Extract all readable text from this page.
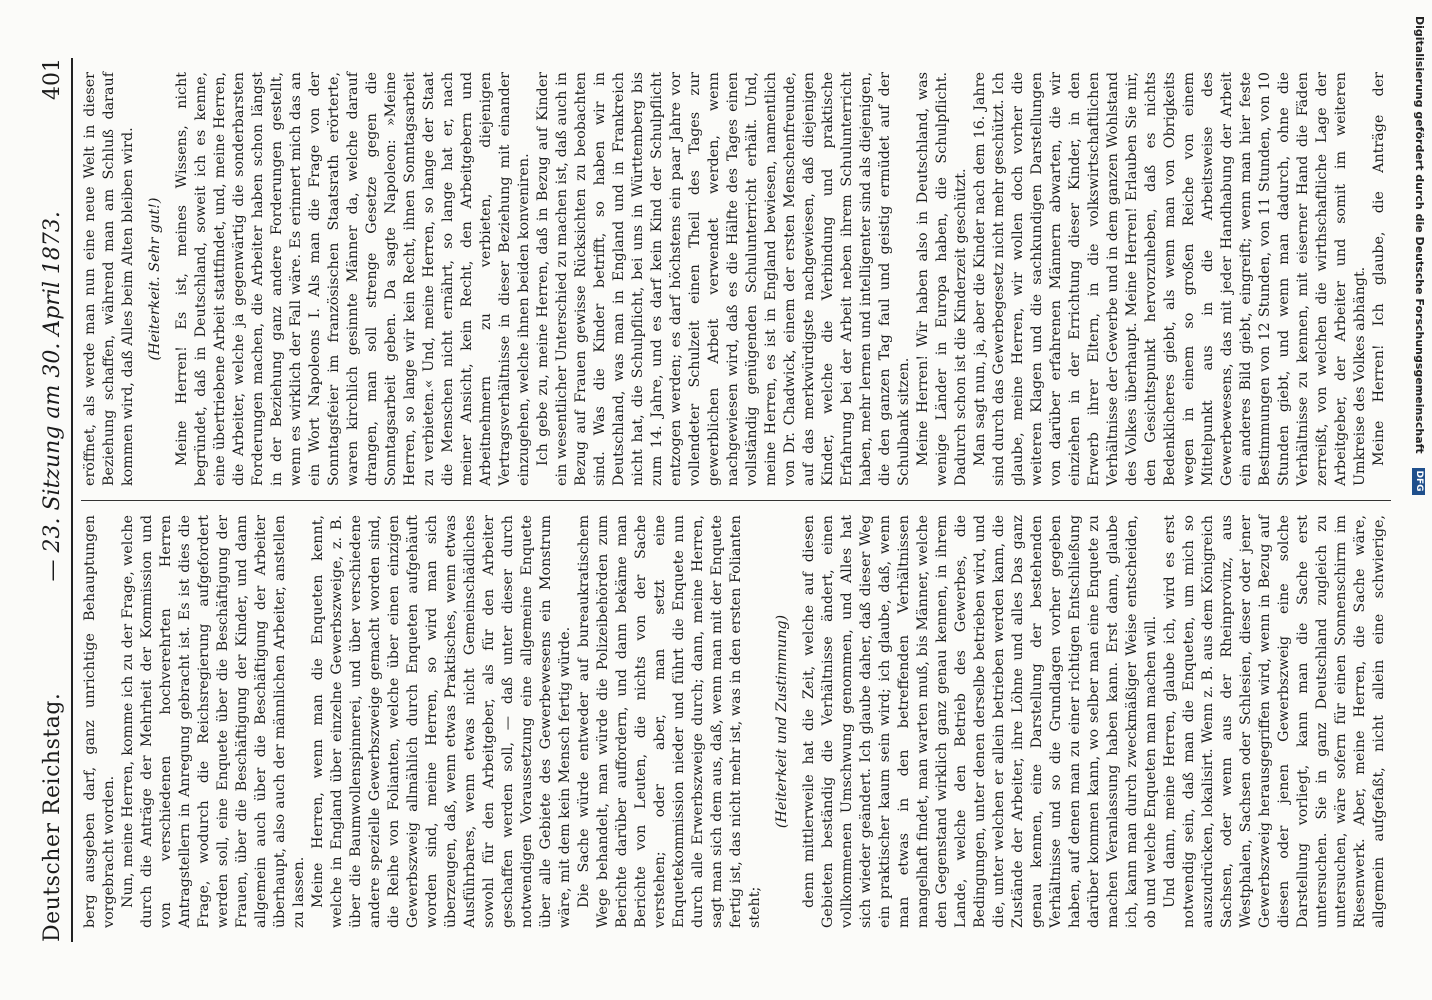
Deutscher Reichstag.
— 23. Sitzung am 30. April 1873.
401

berg ausgeben darf, ganz unrichtige Behauptungen vorgebracht worden. Nun, meine Herren, komme ich zu der Frage, welche durch die Anträge der Mehrheit der Kommission und von verschiedenen hochverehrten Herren Antragstellern in Anregung gebracht ist. Es ist dies die Frage, wodurch die Reichsregierung aufgefordert werden soll, eine Enquete über die Beschäftigung der Frauen, über die Beschäftigung der Kinder, und dann allgemein auch über die Beschäftigung der Arbeiter überhaupt, also auch der männlichen Arbeiter, anstellen zu lassen. Meine Herren, wenn man die Enqueten kennt, welche in England über einzelne Gewerbszweige, z. B. über die Baumwollenspinnerei, und über verschiedene andere spezielle Gewerbszweige gemacht worden sind, die Reihe von Folianten, welche über einen einzigen Gewerbszweig allmählich durch Enqueten aufgehäuft worden sind, meine Herren, so wird man sich überzeugen, daß, wenn etwas Praktisches, wenn etwas Ausführbares, wenn etwas nicht Gemeinschädliches sowohl für den Arbeitgeber, als für den Arbeiter geschaffen werden soll, — daß unter dieser durch notwendigen Voraussetzung eine allgemeine Enquete über alle Gebiete des Gewerbewesens ein Monstrum wäre, mit dem kein Mensch fertig würde. Die Sache würde entweder auf bureaukratischem Wege behandelt, man würde die Polizeibehörden zum Berichte darüber auffordern, und dann bekäme man Berichte von Leuten, die nichts von der Sache verstehen; oder aber, man setzt eine Enquetekommission nieder und führt die Enquete nun durch alle Erwerbszweige durch; dann, meine Herren, sagt man sich dem aus, daß, wenn man mit der Enquete fertig ist, das nicht mehr ist, was in den ersten Folianten steht;

(Heiterkeit und Zustimmung) denn mittlerweile hat die Zeit, welche auf diesen Gebieten beständig die Verhältnisse ändert, einen vollkommenen Umschwung genommen, und Alles hat sich wieder geändert. Ich glaube daher, daß dieser Weg ein praktischer kaum sein wird; ich glaube, daß, wenn man etwas in den betreffenden Verhältnissen mangelhaft findet, man warten muß, bis Männer, welche den Gegenstand wirklich ganz genau kennen, in ihrem Lande, welche den Betrieb des Gewerbes, die Bedingungen, unter denen derselbe betrieben wird, und die, unter welchen er allein betrieben werden kann, die Zustände der Arbeiter, ihre Löhne und alles Das ganz genau kennen, eine Darstellung der bestehenden Verhältnisse und so die Grundlagen vorher gegeben haben, auf denen man zu einer richtigen Entschließung darüber kommen kann, wo selber man eine Enquete zu machen Veranlassung haben kann. Erst dann, glaube ich, kann man durch zweckmäßiger Weise entscheiden, ob und welche Enqueten man machen will. Und dann, meine Herren, glaube ich, wird es erst notwendig sein, daß man die Enqueten, um mich so auszudrücken, lokalisirt. Wenn z. B. aus dem Königreich Sachsen, oder wenn aus der Rheinprovinz, aus Westphalen, Sachsen oder Schlesien, dieser oder jener Gewerbszweig herausgegriffen wird, wenn in Bezug auf diesen oder jenen Gewerbszweig eine solche Darstellung vorliegt, kann man die Sache erst untersuchen. Sie in ganz Deutschland zugleich zu untersuchen, wäre sofern für einen Sonnenschirm im Riesenwerk. Aber, meine Herren, die Sache wäre, allgemein aufgefaßt, nicht allein eine schwierige,

eröffnet, als werde man nun eine neue Welt in dieser Beziehung schaffen, während man am Schluß darauf kommen wird, daß Alles beim Alten bleiben wird. (Heiterkeit. Sehr gut!) Meine Herren! Es ist, meines Wissens, nicht begründet, daß in Deutschland, soweit ich es kenne, eine übertriebene Arbeit stattfindet, und, meine Herren, die Arbeiter, welche ja gegenwärtig die sonderbarsten Forderungen machen, die Arbeiter haben schon längst in der Beziehung ganz andere Forderungen gestellt, wenn es wirklich der Fall wäre. Es erinnert mich das an ein Wort Napoleons I. Als man die Frage von der Sonntagsfeier im französischen Staatsrath erörterte, waren kirchlich gesinnte Männer da, welche darauf drangen, man soll strenge Gesetze gegen die Sonntagsarbeit geben. Da sagte Napoleon: »Meine Herren, so lange wir kein Recht, ihnen Sonntagsarbeit zu verbieten.« Und, meine Herren, so lange der Staat die Menschen nicht ernährt, so lange hat er, nach meiner Ansicht, kein Recht, den Arbeitgebern und Arbeitnehmern zu verbieten, diejenigen Vertragsverhältnisse in dieser Beziehung mit einander einzugehen, welche ihnen beiden konveniren. Ich gebe zu, meine Herren, daß in Bezug auf Kinder ein wesentlicher Unterschied zu machen ist, daß auch in Bezug auf Frauen gewisse Rücksichten zu beobachten sind. Was die Kinder betrifft, so haben wir in Deutschland, was man in England und in Frankreich nicht hat, die Schulpflicht, bei uns in Württemberg bis zum 14. Jahre, und es darf kein Kind der Schulpflicht entzogen werden; es darf höchstens ein paar Jahre vor vollendeter Schulzeit einen Theil des Tages zur gewerblichen Arbeit verwendet werden, wenn nachgewiesen wird, daß es die Hälfte des Tages einen vollständig genügenden Schulunterricht erhält. Und, meine Herren, es ist in England bewiesen, namentlich von Dr. Chadwick, einem der ersten Menschenfreunde, auf das merkwürdigste nachgewiesen, daß diejenigen Kinder, welche die Verbindung und praktische Erfahrung bei der Arbeit neben ihrem Schulunterricht haben, mehr lernen und intelligenter sind als diejenigen, die den ganzen Tag faul und geistig ermüdet auf der Schulbank sitzen. Meine Herren! Wir haben also in Deutschland, was wenige Länder in Europa haben, die Schulpflicht. Dadurch schon ist die Kinderzeit geschützt. Man sagt nun, ja, aber die Kinder nach dem 16. Jahre sind durch das Gewerbegesetz nicht mehr geschützt. Ich glaube, meine Herren, wir wollen doch vorher die weiteren Klagen und die sachkundigen Darstellungen von darüber erfahrenen Männern abwarten, die wir einziehen in der Errichtung dieser Kinder, in den Erwerb ihrer Eltern, in die volkswirtschaftlichen Verhältnisse der Gewerbe und in dem ganzen Wohlstand des Volkes überhaupt. Meine Herren! Erlauben Sie mir, den Gesichtspunkt hervorzuheben, daß es nichts Bedenklicheres giebt, als wenn man von Obrigkeits wegen in einem so großen Reiche von einem Mittelpunkt aus in die Arbeitsweise des Gewerbewesens, das mit jeder Handhabung der Arbeit ein anderes Bild giebt, eingreift; wenn man hier feste Bestimmungen von 12 Stunden, von 11 Stunden, von 10 Stunden giebt, und wenn man dadurch, ohne die Verhältnisse zu kennen, mit eiserner Hand die Fäden zerreißt, von welchen die wirthschaftliche Lage der Arbeitgeber, der Arbeiter und somit im weiteren Umkreise des Volkes abhängt. Meine Herren! Ich glaube, die Anträge der	Digitalisierung gefördert durch die Deutsche Forschungsgemeinschaft DFG
